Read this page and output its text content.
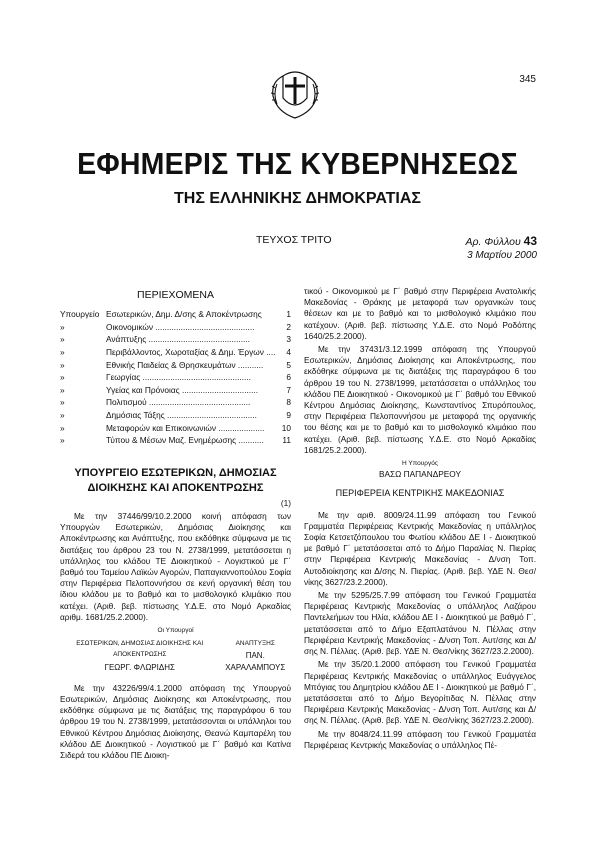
345
ΕΦΗΜΕΡΙΣ ΤΗΣ ΚΥΒΕΡΝΗΣΕΩΣ
ΤΗΣ ΕΛΛΗΝΙΚΗΣ ΔΗΜΟΚΡΑΤΙΑΣ
ΤΕΥΧΟΣ ΤΡΙΤΟ	Αρ. Φύλλου 43
3 Μαρτίου 2000
ΠΕΡΙΕΧΟΜΕΝΑ
Υπουργείο Εσωτερικών, Δημ. Δ/σης & Αποκέντρωσης	1
»	Οικονομικών ...........................................	2
»	Ανάπτυξης ............................................	3
»	Περιβάλλοντος, Χωροταξίας & Δημ. Έργων ....	4
»	Εθνικής Παιδείας & Θρησκευμάτων ...........	5
»	Γεωργίας ...............................................	6
»	Υγείας και Πρόνοιας .................................	7
»	Πολιτισμού ............................................	8
»	Δημόσιας Τάξης .......................................	9
»	Μεταφορών και Επικοινωνιών ....................	10
»	Τύπου & Μέσων Μαζ. Ενημέρωσης ...........	11
ΥΠΟΥΡΓΕΙΟ ΕΣΩΤΕΡΙΚΩΝ, ΔΗΜΟΣΙΑΣ
ΔΙΟΙΚΗΣΗΣ ΚΑΙ ΑΠΟΚΕΝΤΡΩΣΗΣ

(1)

Με την 37446/99/10.2.2000 κοινή απόφαση των Υπουργών Εσωτερικών, Δημόσιας Διοίκησης και Αποκέντρωσης και Ανάπτυξης, που εκδόθηκε σύμφωνα με τις διατάξεις του άρθρου 23 του Ν. 2738/1999, μετατάσσεται η υπάλληλος του κλάδου ΤΕ Διοικητικού - Λογιστικού με Γ΄ βαθμό του Ταμείου Λαϊκών Αγορών, Παπαγιαννοπούλου Σοφία στην Περιφέρεια Πελοποννήσου σε κενή οργανική θέση του ίδιου κλάδου με το βαθμό και το μισθολογικό κλιμάκιο που κατέχει. (Αριθ. βεβ. πίστωσης Υ.Δ.Ε. στο Νομό Αρκαδίας αριθμ. 1681/25.2.2000).

Οι Υπουργοί
ΕΣΩΤΕΡΙΚΩΝ, ΔΗΜΟΣΙΑΣ ΔΙΟΙΚΗΣΗΣ ΚΑΙ ΑΠΟΚΕΝΤΡΩΣΗΣ
ΓΕΩΡΓ. ΦΛΩΡΙΔΗΣ
ΑΝΑΠΤΥΞΗΣ
ΠΑΝ. ΧΑΡΑΛΑΜΠΟΥΣ

Με την 43226/99/4.1.2000 απόφαση της Υπουργού Εσωτερικών, Δημόσιας Διοίκησης και Αποκέντρωσης, που εκδόθηκε σύμφωνα με τις διατάξεις της παραγράφου 6 του άρθρου 19 του Ν. 2738/1999, μετατάσσονται οι υπάλληλοι του Εθνικού Κέντρου Δημόσιας Διοίκησης, Θεανώ Καμπαρέλη του κλάδου ΔΕ Διοικητικού - Λογιστικού με Γ΄ βαθμό και Κατίνα Σιδερά του κλάδου ΠΕ Διοικη-

τικού - Οικονομικού με Γ΄ βαθμό στην Περιφέρεια Ανατολικής Μακεδονίας - Θράκης με μεταφορά των οργανικών τους θέσεων και με το βαθμό και το μισθολογικό κλιμάκιο που κατέχουν. (Αριθ. βεβ. πίστωσης Υ.Δ.Ε. στο Νομό Ροδόπης 1640/25.2.2000).

Με την 37431/3.12.1999 απόφαση της Υπουργού Εσωτερικών, Δημόσιας Διοίκησης και Αποκέντρωσης, που εκδόθηκε σύμφωνα με τις διατάξεις της παραγράφου 6 του άρθρου 19 του Ν. 2738/1999, μετατάσσεται ο υπάλληλος του κλάδου ΠΕ Διοικητικού - Οικονομικού με Γ΄ βαθμό του Εθνικού Κέντρου Δημόσιας Διοίκησης, Κωνσταντίνος Σπυρόπουλος, στην Περιφέρεια Πελοποννήσου με μεταφορά της οργανικής του θέσης και με το βαθμό και το μισθολογικό κλιμάκιο που κατέχει. (Αριθ. βεβ. πίστωσης Υ.Δ.Ε. στο Νομό Αρκαδίας 1681/25.2.2000).

Η Υπουργός
ΒΑΣΩ ΠΑΠΑΝΔΡΕΟΥ
ΠΕΡΙΦΕΡΕΙΑ ΚΕΝΤΡΙΚΗΣ ΜΑΚΕΔΟΝΙΑΣ

Με την αριθ. 8009/24.11.99 απόφαση του Γενικού Γραμματέα Περιφέρειας Κεντρικής Μακεδονίας η υπάλληλος Σοφία Κετσετζόπουλου του Φωτίου κλάδου ΔΕ Ι - Διοικητικού με βαθμό Γ΄ μετατάσσεται από το Δήμο Παραλίας Ν. Πιερίας στην Περιφέρεια Κεντρικής Μακεδονίας - Δ/νση Τοπ. Αυτοδιοίκησης και Δ/σης Ν. Πιερίας. (Αριθ. βεβ. ΥΔΕ Ν. Θεσ/νίκης 3627/23.2.2000).

Με την 5295/25.7.99 απόφαση του Γενικού Γραμματέα Περιφέρειας Κεντρικής Μακεδονίας ο υπάλληλος Λαζάρου Παντελεήμων του Ηλία, κλάδου ΔΕ Ι - Διοικητικού με βαθμό Γ΄, μετατάσσεται από το Δήμο Εξαπλατάνου Ν. Πέλλας στην Περιφέρεια Κεντρικής Μακεδονίας - Δ/νση Τοπ. Αυτ/σης και Δ/σης Ν. Πέλλας. (Αριθ. βεβ. ΥΔΕ Ν. Θεσ/νίκης 3627/23.2.2000).

Με την 35/20.1.2000 απόφαση του Γενικού Γραμματέα Περιφέρειας Κεντρικής Μακεδονίας ο υπάλληλος Ευάγγελος Μπόγιας του Δημητρίου κλάδου ΔΕ Ι - Διοικητικού με βαθμό Γ΄, μετατάσσεται από το Δήμο Βεγορίτιδας Ν. Πέλλας στην Περιφέρεια Κεντρικής Μακεδονίας - Δ/νση Τοπ. Αυτ/σης και Δ/σης Ν. Πέλλας. (Αριθ. βεβ. ΥΔΕ Ν. Θεσ/νίκης 3627/23.2.2000).

Με την 8048/24.11.99 απόφαση του Γενικού Γραμματέα Περιφέρειας Κεντρικής Μακεδονίας ο υπάλληλος Πέ-
